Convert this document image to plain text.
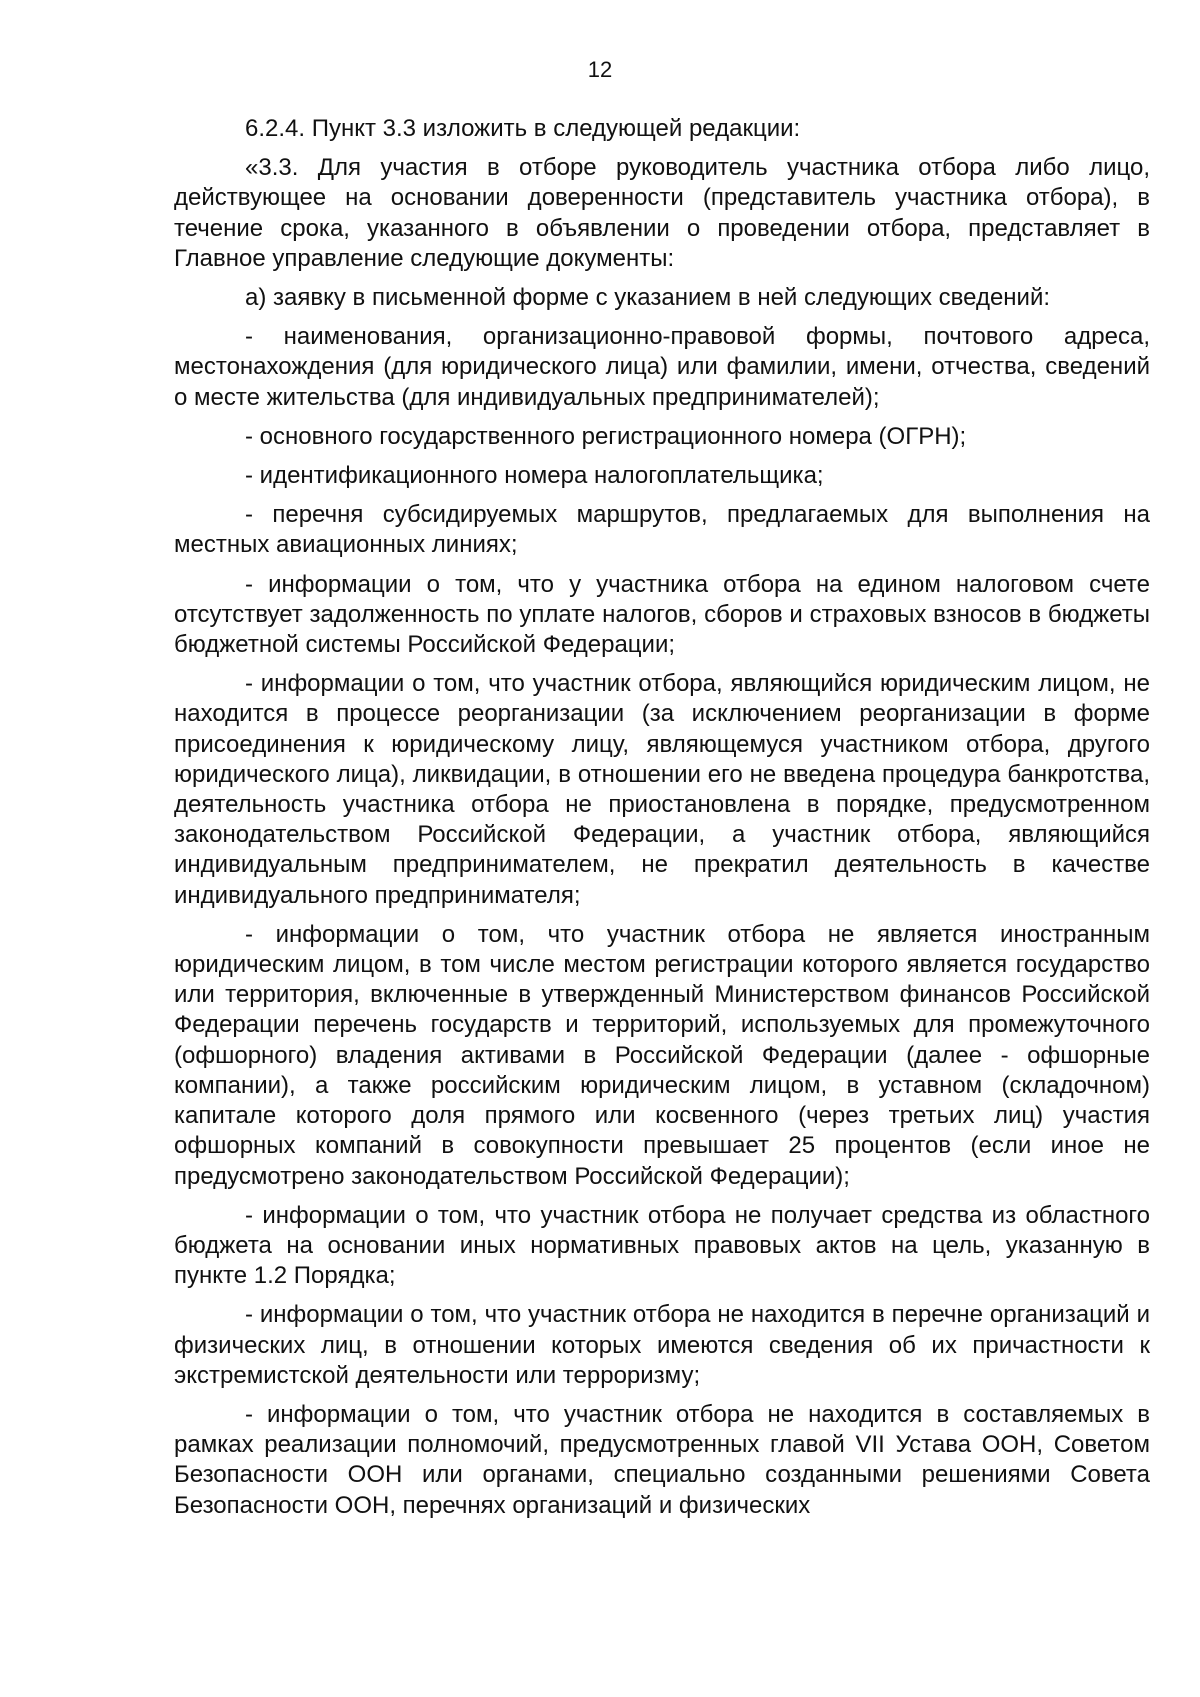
12

6.2.4. Пункт 3.3 изложить в следующей редакции:

«3.3. Для участия в отборе руководитель участника отбора либо лицо, действующее на основании доверенности (представитель участника отбора), в течение срока, указанного в объявлении о проведении отбора, представляет в Главное управление следующие документы:

а) заявку в письменной форме с указанием в ней следующих сведений:

- наименования, организационно-правовой формы, почтового адреса, местонахождения (для юридического лица) или фамилии, имени, отчества, сведений о месте жительства (для индивидуальных предпринимателей);

- основного государственного регистрационного номера (ОГРН);

- идентификационного номера налогоплательщика;

- перечня субсидируемых маршрутов, предлагаемых для выполнения на местных авиационных линиях;

- информации о том, что у участника отбора на едином налоговом счете отсутствует задолженность по уплате налогов, сборов и страховых взносов в бюджеты бюджетной системы Российской Федерации;

- информации о том, что участник отбора, являющийся юридическим лицом, не находится в процессе реорганизации (за исключением реорганизации в форме присоединения к юридическому лицу, являющемуся участником отбора, другого юридического лица), ликвидации, в отношении его не введена процедура банкротства, деятельность участника отбора не приостановлена в порядке, предусмотренном законодательством Российской Федерации, а участник отбора, являющийся индивидуальным предпринимателем, не прекратил деятельность в качестве индивидуального предпринимателя;

- информации о том, что участник отбора не является иностранным юридическим лицом, в том числе местом регистрации которого является государство или территория, включенные в утвержденный Министерством финансов Российской Федерации перечень государств и территорий, используемых для промежуточного (офшорного) владения активами в Российской Федерации (далее - офшорные компании), а также российским юридическим лицом, в уставном (складочном) капитале которого доля прямого или косвенного (через третьих лиц) участия офшорных компаний в совокупности превышает 25 процентов (если иное не предусмотрено законодательством Российской Федерации);

- информации о том, что участник отбора не получает средства из областного бюджета на основании иных нормативных правовых актов на цель, указанную в пункте 1.2 Порядка;

- информации о том, что участник отбора не находится в перечне организаций и физических лиц, в отношении которых имеются сведения об их причастности к экстремистской деятельности или терроризму;

- информации о том, что участник отбора не находится в составляемых в рамках реализации полномочий, предусмотренных главой VII Устава ООН, Советом Безопасности ООН или органами, специально созданными решениями Совета Безопасности ООН, перечнях организаций и физических
